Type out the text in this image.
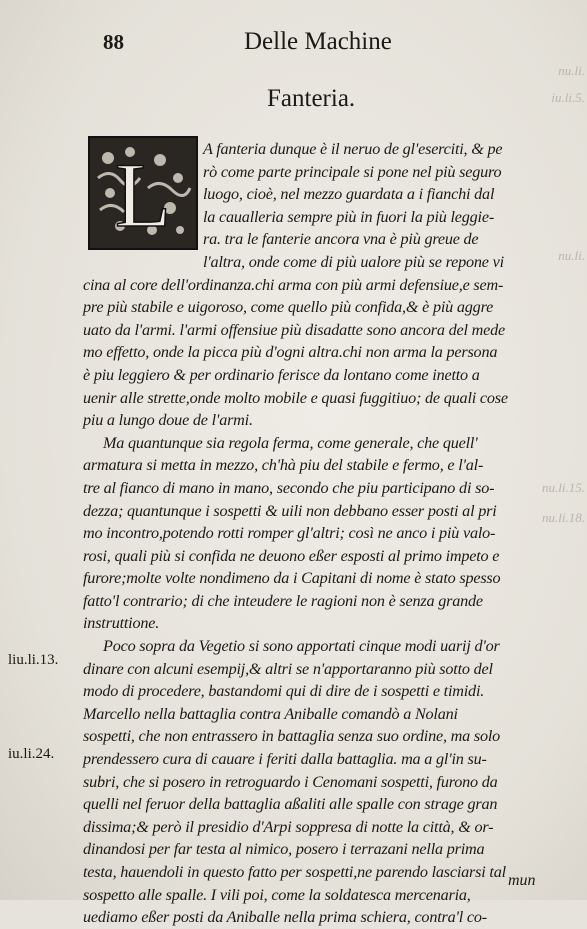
nu.li.
iu.li.5.
nu.li.
nu.li.15.
nu.li.18.
88	Delle Machine
Fanteria.
L	A fanteria dunque è il neruo de gl'eserciti, & pe
rò come parte principale si pone nel più seguro
luogo, cioè, nel mezzo guardata a i fianchi dal
la caualleria sempre più in fuori la più leggie-
ra. tra le fanterie ancora vna è più greue de
l'altra, onde come di più ualore più se repone vi
cina al core dell'ordinanza.chi arma con più armi defensiue,e sem-
pre più stabile e uigoroso, come quello più confida,& è più aggre
uato da l'armi. l'armi offensiue più disadatte sono ancora del mede
mo effetto, onde la picca più d'ogni altra.chi non arma la persona
è piu leggiero & per ordinario ferisce da lontano come inetto a
uenir alle strette,onde molto mobile e quasi fuggitiuo; de quali cose
piu a lungo doue de l'armi.
Ma quantunque sia regola ferma, come generale, che quell'
armatura si metta in mezzo, ch'hà piu del stabile e fermo, e l'al-
tre al fianco di mano in mano, secondo che piu participano di so-
dezza; quantunque i sospetti & uili non debbano esser posti al pri
mo incontro,potendo rotti romper gl'altri; così ne anco i più valo-
rosi, quali più si confida ne deuono eßer esposti al primo impeto e
furore;molte volte nondimeno da i Capitani di nome è stato spesso
fatto'l contrario; di che inteudere le ragioni non è senza grande
instruttione.
Poco sopra da Vegetio si sono apportati cinque modi uarij d'or
dinare con alcuni esempij,& altri se n'apportaranno più sotto del
modo di procedere, bastandomi qui di dire de i sospetti e timidi.
Marcello nella battaglia contra Aniballe comandò a Nolani
sospetti, che non entrassero in battaglia senza suo ordine, ma solo
prendessero cura di cauare i feriti dalla battaglia. ma a gl'in su-
subri, che si posero in retroguardo i Cenomani sospetti, furono da
quelli nel feruor della battaglia aßaliti alle spalle con strage gran
dissima;& però il presidio d'Arpi soppresa di notte la città, & or-
dinandosi per far testa al nimico, posero i terrazani nella prima
testa, hauendoli in questo fatto per sospetti,ne parendo lasciarsi tal
sospetto alle spalle. I vili poi, come la soldatesca mercenaria,
uediamo eßer posti da Aniballe nella prima schiera, contra'l co-
liu.li.13.
iu.li.24.
mun
